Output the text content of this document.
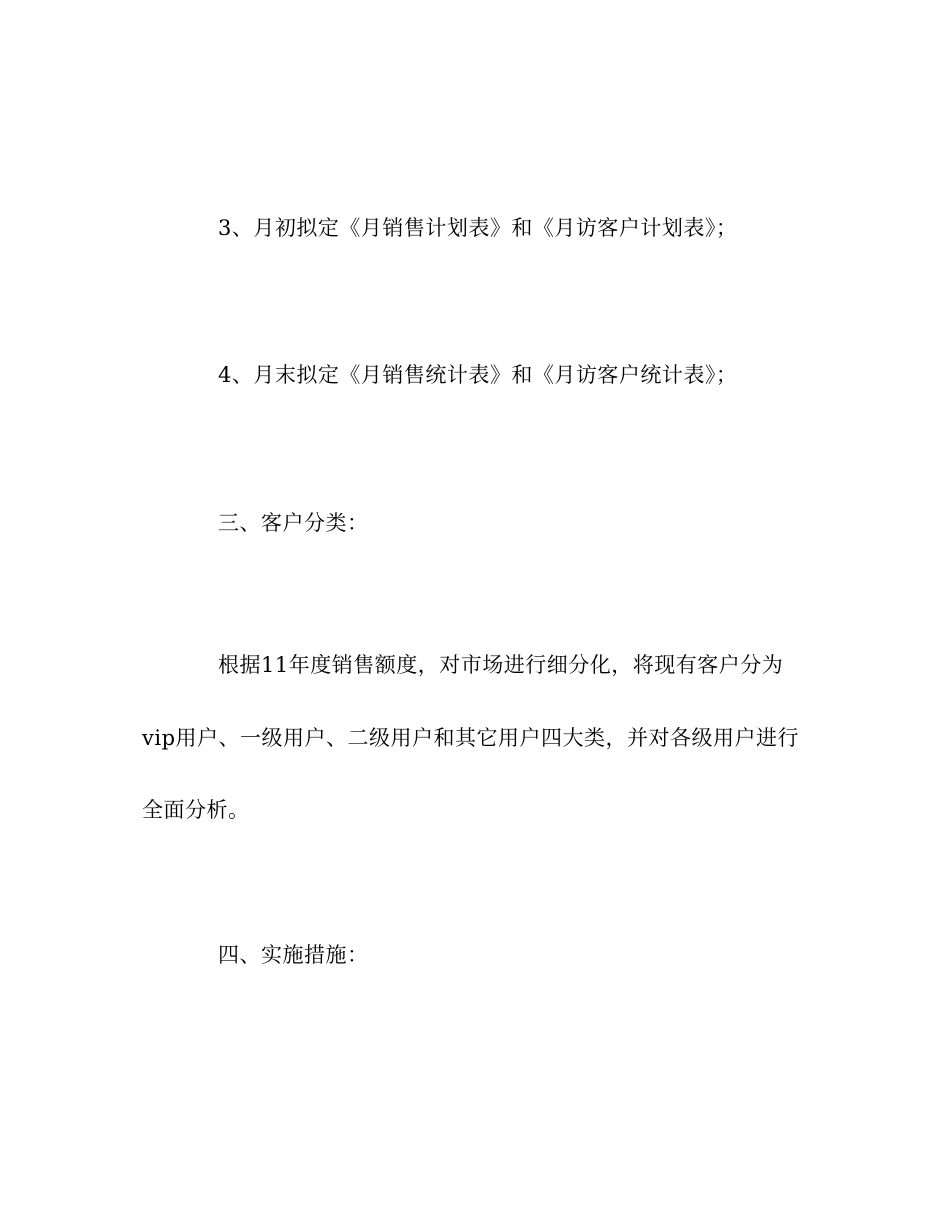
3、月初拟定《月销售计划表》和《月访客户计划表》；
4、月末拟定《月销售统计表》和《月访客户统计表》；
三、客户分类：
根据11年度销售额度，对市场进行细分化，将现有客户分为
vip用户、一级用户、二级用户和其它用户四大类，并对各级用户进行
全面分析。
四、实施措施：
